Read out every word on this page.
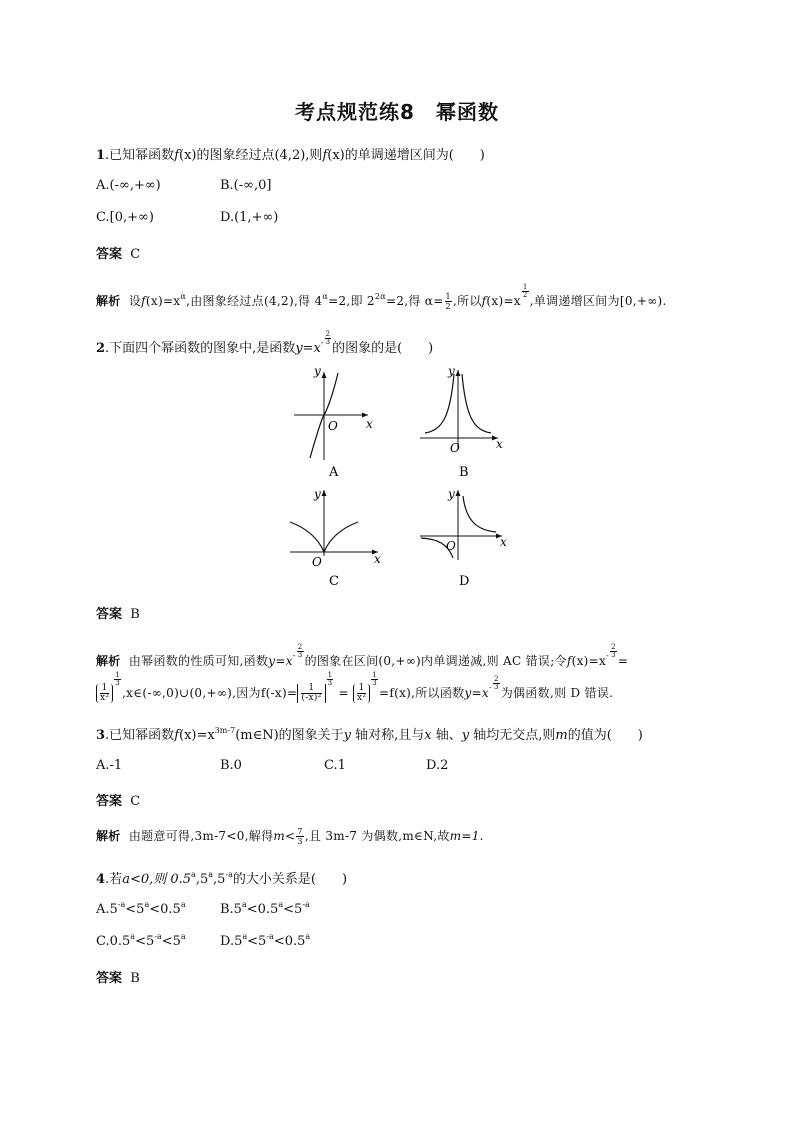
考点规范练8　幂函数
1.已知幂函数f(x)的图象经过点(4,2),则f(x)的单调递增区间为(　　)
A.(-∞,+∞)	B.(-∞,0]
C.[0,+∞)	D.(1,+∞)
答案 C
解析 设$f(x)=x^\alpha$,由图象经过点(4,2),得 $4^\alpha=2$,即 $2^{2\alpha}=2$,得 $\alpha= \frac{1}{2}$ ,所以f(x)=x
$\frac{1}{2}$
,单调递增区间为[0,+∞).
2.下面四个幂函数的图象中,是函数$y=x^- \frac{2}{3}$
的图象的是(　　)
y
x
O
y
x
O
A	B
y
x
O
y
x
O
C	D
答案 B
解析 由幂函数的性质可知,函数$y=x^- \frac{2}{3}$
的图象在区间(0,+∞)内单调递减,则 AC 错误;令$f(x)=x^- \frac{2}{3}$
=
$\frac{1}{\text{x²}}$
$\frac{1}{3}$
,x∈(-∞,0)∪(0,+∞),因为$f(-x)= \frac{1}{\text{(-x)²}}$
$\frac{1}{3}$
= $\frac{1}{\text{x²}}$
$\frac{1}{3}$
=f(x),所以函数$y=x^- \frac{2}{3}$
为偶函数,则 D 错误.
3.已知幂函数$f(x)=x^{3m-7}(m\in N)$的图象关于y 轴对称,且与x 轴、y 轴均无交点,则m的值为(　　)
A.-1	B.0	C.1	D.2
答案 C
解析 由题意可得,3m-7<0,解得$m< \frac{7}{3}$ ,且 3m-7 为偶数,m∈N,故m=1.
4.若a<0,则 $0.5^a,5^a,5^{-a}$的大小关系是(　　)
$A.5^{-a}<5^a<0.5^a$	$B.5^a<0.5^a<5^{-a}$
$C.0.5^a<5^{-a}<5^a$	$D.5^a<5^{-a}<0.5^a$
答案 B
